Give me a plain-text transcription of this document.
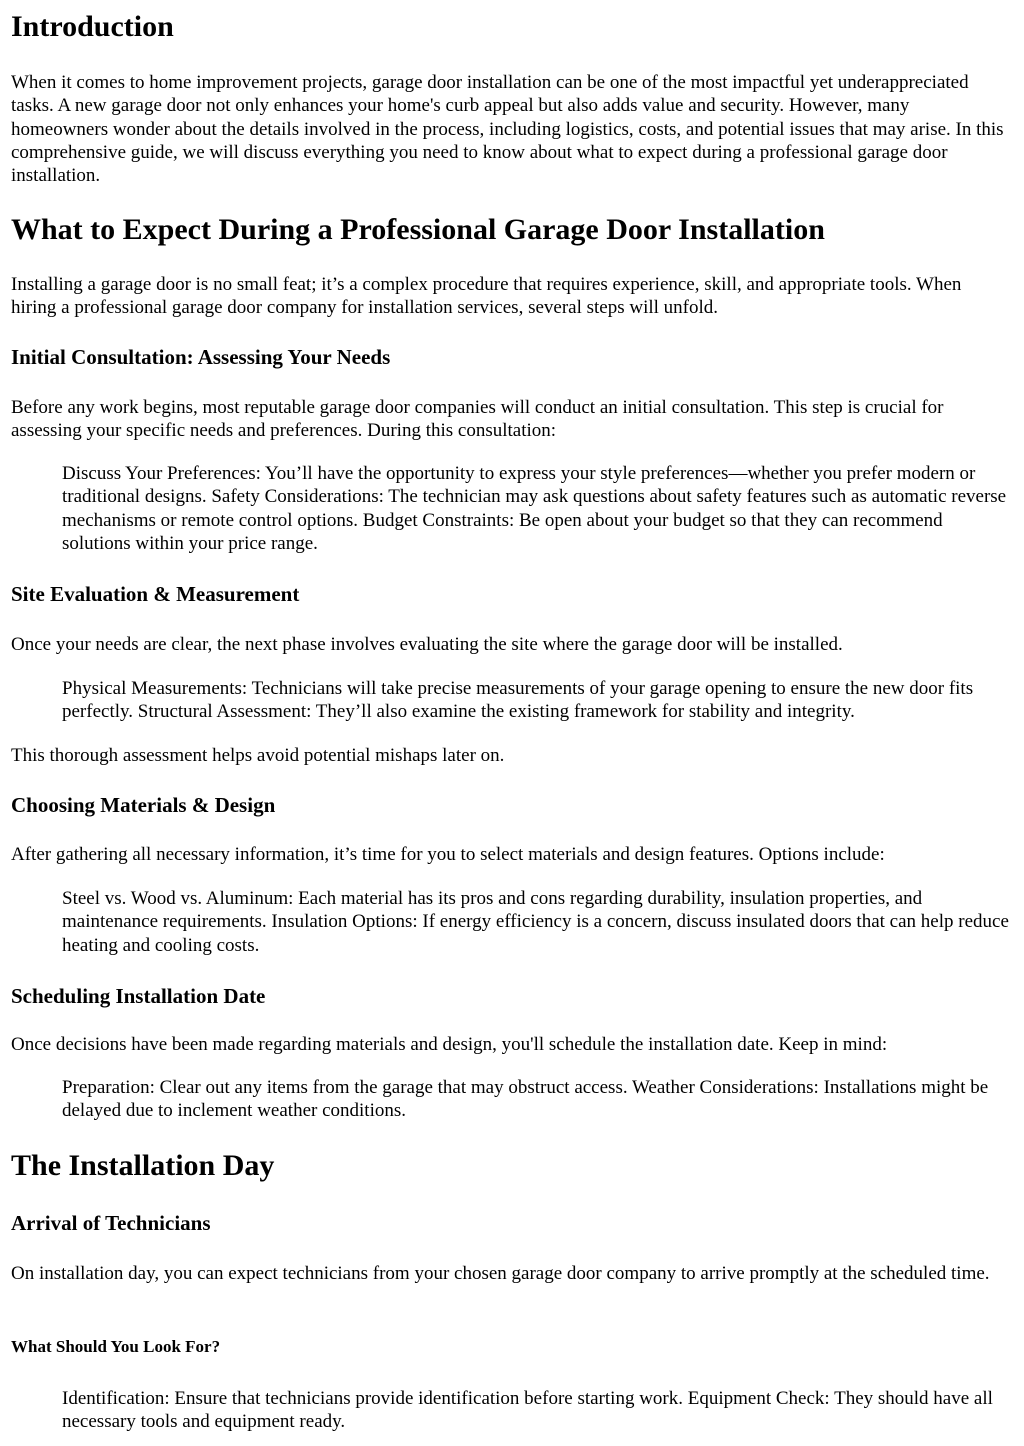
Introduction

When it comes to home improvement projects, garage door installation can be one of the most impactful yet underappreciated tasks. A new garage door not only enhances your home's curb appeal but also adds value and security. However, many homeowners wonder about the details involved in the process, including logistics, costs, and potential issues that may arise. In this comprehensive guide, we will discuss everything you need to know about what to expect during a professional garage door installation.

What to Expect During a Professional Garage Door Installation

Installing a garage door is no small feat; it’s a complex procedure that requires experience, skill, and appropriate tools. When hiring a professional garage door company for installation services, several steps will unfold.

Initial Consultation: Assessing Your Needs

Before any work begins, most reputable garage door companies will conduct an initial consultation. This step is crucial for assessing your specific needs and preferences. During this consultation:

Discuss Your Preferences: You’ll have the opportunity to express your style preferences—whether you prefer modern or traditional designs. Safety Considerations: The technician may ask questions about safety features such as automatic reverse mechanisms or remote control options. Budget Constraints: Be open about your budget so that they can recommend solutions within your price range.
Site Evaluation & Measurement

Once your needs are clear, the next phase involves evaluating the site where the garage door will be installed.

Physical Measurements: Technicians will take precise measurements of your garage opening to ensure the new door fits perfectly. Structural Assessment: They’ll also examine the existing framework for stability and integrity.

This thorough assessment helps avoid potential mishaps later on.

Choosing Materials & Design

After gathering all necessary information, it’s time for you to select materials and design features. Options include:

Steel vs. Wood vs. Aluminum: Each material has its pros and cons regarding durability, insulation properties, and maintenance requirements. Insulation Options: If energy efficiency is a concern, discuss insulated doors that can help reduce heating and cooling costs.
Scheduling Installation Date

Once decisions have been made regarding materials and design, you'll schedule the installation date. Keep in mind:

Preparation: Clear out any items from the garage that may obstruct access. Weather Considerations: Installations might be delayed due to inclement weather conditions.
The Installation Day
Arrival of Technicians

On installation day, you can expect technicians from your chosen garage door company to arrive promptly at the scheduled time.

What Should You Look For?
Identification: Ensure that technicians provide identification before starting work. Equipment Check: They should have all necessary tools and equipment ready.
